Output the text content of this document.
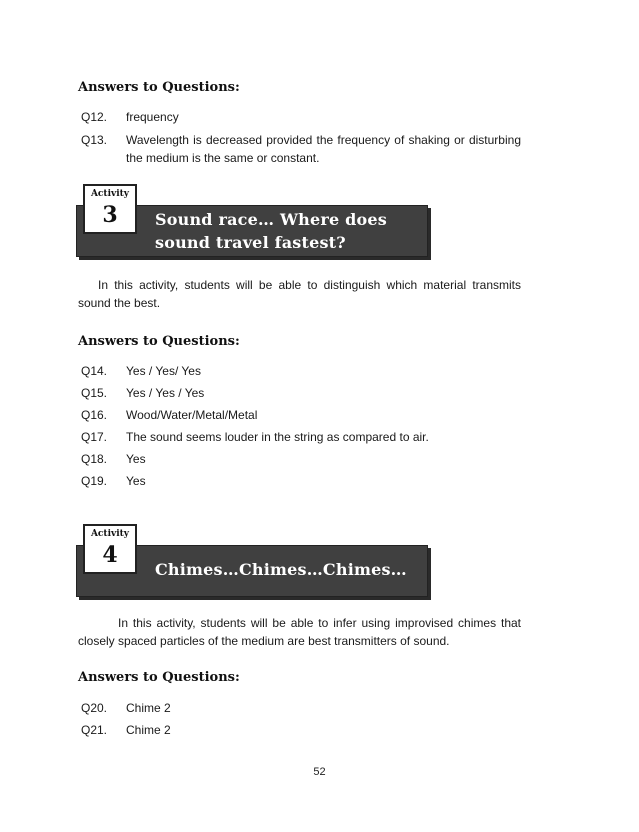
Answers to Questions:
Q12. frequency
Q13. Wavelength is decreased provided the frequency of shaking or disturbing the medium is the same or constant.
Sound race… Where does
sound travel fastest?
Activity
3
In this activity, students will be able to distinguish which material transmits sound the best.
Answers to Questions:
Q14. Yes / Yes/ Yes
Q15. Yes / Yes / Yes
Q16. Wood/Water/Metal/Metal
Q17. The sound seems louder in the string as compared to air.
Q18. Yes
Q19. Yes
Chimes…Chimes…Chimes…
Activity
4
In this activity, students will be able to infer using improvised chimes that closely spaced particles of the medium are best transmitters of sound.
Answers to Questions:
Q20. Chime 2
Q21. Chime 2
52
